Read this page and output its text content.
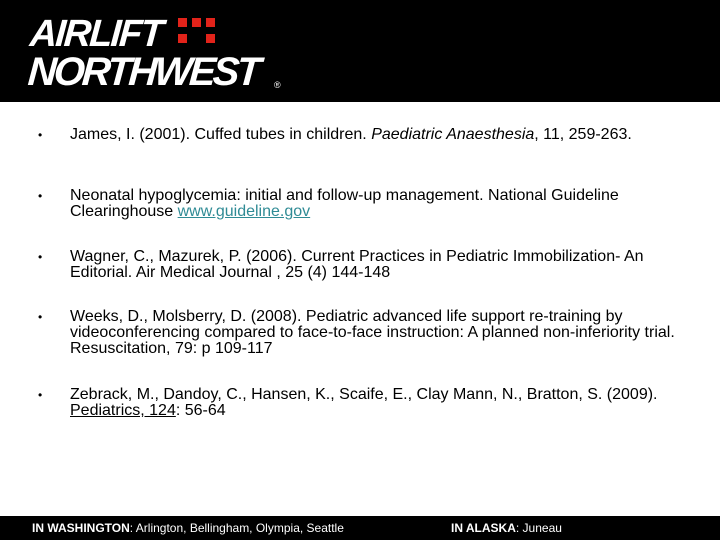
AIRLIFT
NORTHWEST ®
• James, I. (2001). Cuffed tubes in children. Paediatric Anaesthesia, 11, 259-263.
• Neonatal hypoglycemia: initial and follow-up management. National Guideline Clearinghouse www.guideline.gov
• Wagner, C., Mazurek, P. (2006). Current Practices in Pediatric Immobilization- An Editorial. Air Medical Journal , 25 (4) 144-148
• Weeks, D., Molsberry, D. (2008). Pediatric advanced life support re-training by videoconferencing compared to face-to-face instruction: A planned non-inferiority trial. Resuscitation, 79: p 109-117
• Zebrack, M., Dandoy, C., Hansen, K., Scaife, E., Clay Mann, N., Bratton, S. (2009). Pediatrics, 124: 56-64
IN WASHINGTON: Arlington, Bellingham, Olympia, Seattle	IN ALASKA: Juneau
